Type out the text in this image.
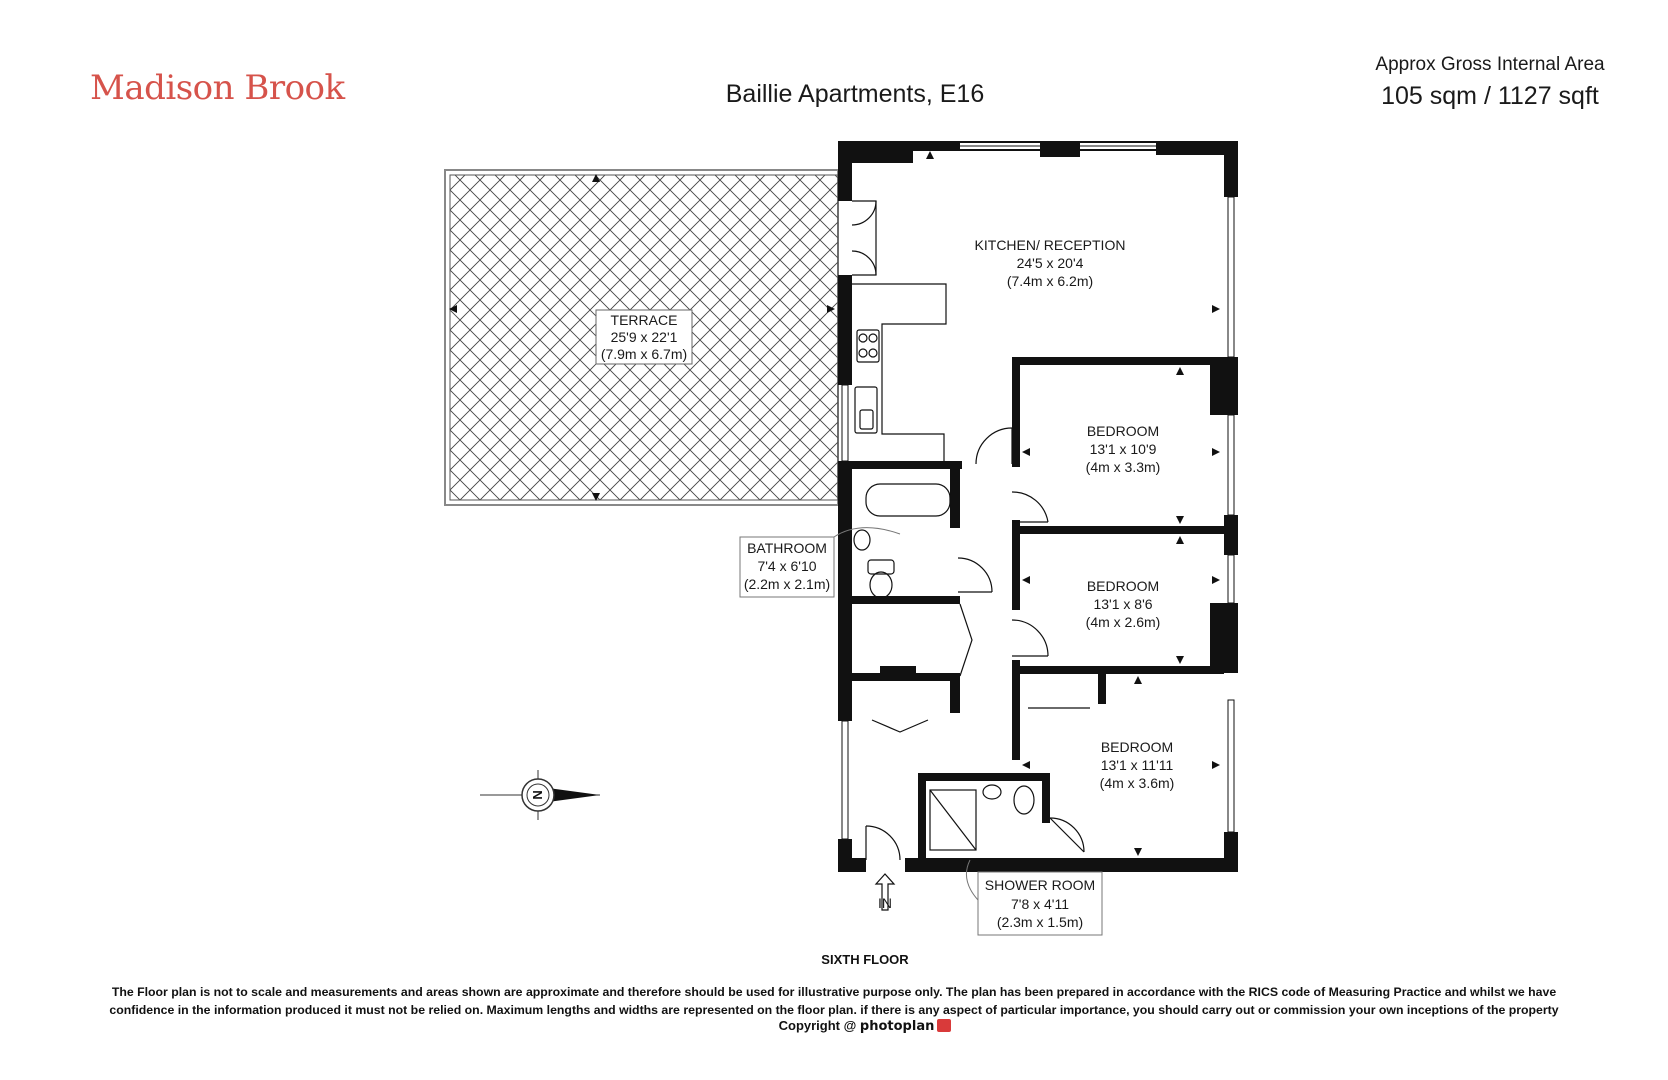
Madison Brook	Baillie Apartments, E16
Approx Gross Internal Area
105 sqm / 1127 sqft
KITCHEN/ RECEPTION
24'5 x 20'4
(7.4m x 6.2m)
TERRACE
25'9 x 22'1
(7.9m x 6.7m)
BEDROOM
13'1 x 10'9
(4m x 3.3m)
BEDROOM
13'1 x 8'6
(4m x 2.6m)
BEDROOM
13'1 x 11'11
(4m x 3.6m)
BATHROOM
7'4 x 6'10
(2.2m x 2.1m)
SHOWER ROOM
7'8 x 4'11
(2.3m x 1.5m)
IN
N
SIXTH FLOOR
The Floor plan is not to scale and measurements and areas shown are approximate and therefore should be used for illustrative purpose only. The plan has been prepared in accordance with the RICS code of Measuring Practice and whilst we have confidence in the information produced it must not be relied on. Maximum lengths and widths are represented on the floor plan. if there is any aspect of particular importance, you should carry out or commission your own inceptions of the property
Copyright @ photoplan
